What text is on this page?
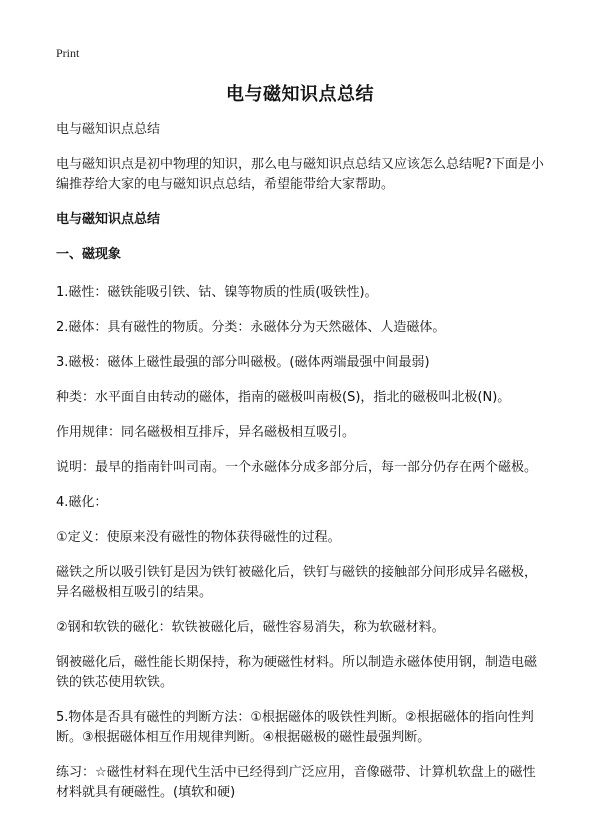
Print
电与磁知识点总结

电与磁知识点总结

电与磁知识点是初中物理的知识，那么电与磁知识点总结又应该怎么总结呢?下面是小编推荐给大家的电与磁知识点总结，希望能带给大家帮助。

电与磁知识点总结

一、磁现象

1.磁性：磁铁能吸引铁、钴、镍等物质的性质(吸铁性)。

2.磁体：具有磁性的物质。分类：永磁体分为天然磁体、人造磁体。

3.磁极：磁体上磁性最强的部分叫磁极。(磁体两端最强中间最弱)

种类：水平面自由转动的磁体，指南的磁极叫南极(S)，指北的磁极叫北极(N)。

作用规律：同名磁极相互排斥，异名磁极相互吸引。

说明：最早的指南针叫司南。一个永磁体分成多部分后，每一部分仍存在两个磁极。

4.磁化：

①定义：使原来没有磁性的物体获得磁性的过程。

磁铁之所以吸引铁钉是因为铁钉被磁化后，铁钉与磁铁的接触部分间形成异名磁极，异名磁极相互吸引的结果。

②钢和软铁的磁化：软铁被磁化后，磁性容易消失，称为软磁材料。

钢被磁化后，磁性能长期保持，称为硬磁性材料。所以制造永磁体使用钢，制造电磁铁的铁芯使用软铁。

5.物体是否具有磁性的判断方法：①根据磁体的吸铁性判断。②根据磁体的指向性判断。③根据磁体相互作用规律判断。④根据磁极的磁性最强判断。

练习：☆磁性材料在现代生活中已经得到广泛应用，音像磁带、计算机软盘上的磁性材料就具有硬磁性。(填软和硬)
